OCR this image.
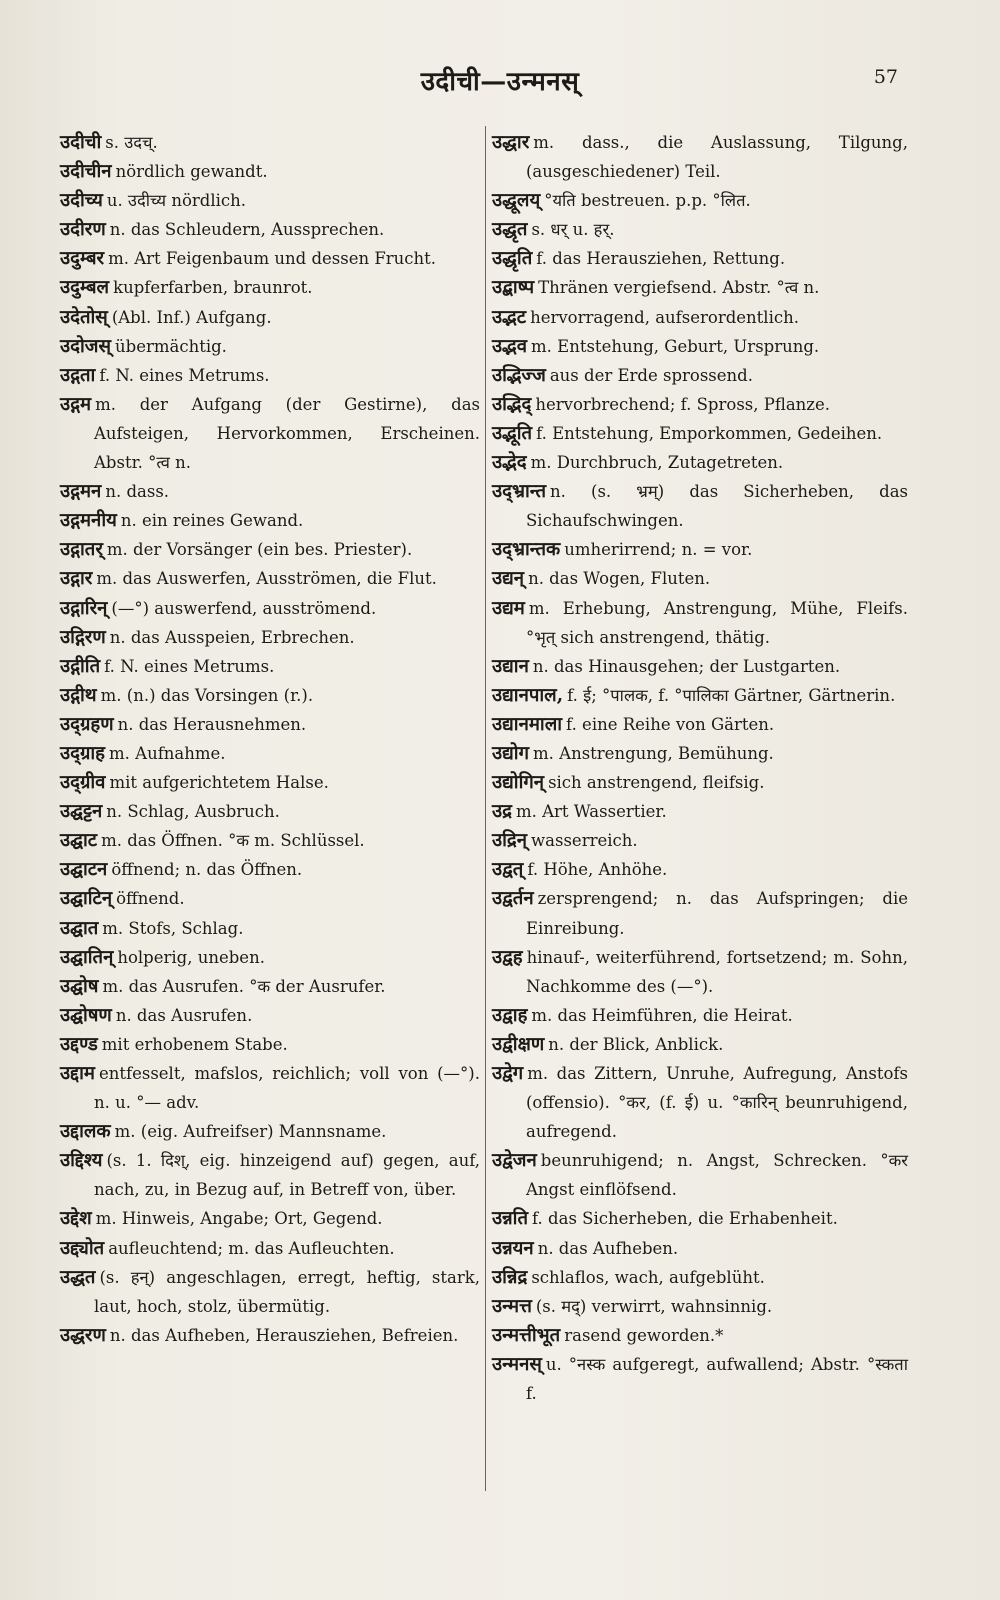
उदीची—उन्मनस्	57
उदीची s. उदच्.
उदीचीन nördlich gewandt.
उदीच्य u. उदीच्य nördlich.
उदीरण n. das Schleudern, Aussprechen.
उदुम्बर m. Art Feigenbaum und dessen Frucht.
उदुम्बल kupferfarben, braunrot.
उदेतोस् (Abl. Inf.) Aufgang.
उदोजस् übermächtig.
उद्गता f. N. eines Metrums.
उद्गम m. der Aufgang (der Gestirne), das Aufsteigen, Hervorkommen, Erscheinen. Abstr. °त्व n.
उद्गमन n. dass.
उद्गमनीय n. ein reines Gewand.
उद्गातर् m. der Vorsänger (ein bes. Priester).
उद्गार m. das Auswerfen, Ausströmen, die Flut.
उद्गारिन् (—°) auswerfend, ausströmend.
उद्गिरण n. das Ausspeien, Erbrechen.
उद्गीति f. N. eines Metrums.
उद्गीथ m. (n.) das Vorsingen (r.).
उद्ग्रहण n. das Herausnehmen.
उद्ग्राह m. Aufnahme.
उद्ग्रीव mit aufgerichtetem Halse.
उद्घट्टन n. Schlag, Ausbruch.
उद्घाट m. das Öffnen. °क m. Schlüssel.
उद्घाटन öffnend; n. das Öffnen.
उद्घाटिन् öffnend.
उद्घात m. Stofs, Schlag.
उद्घातिन् holperig, uneben.
उद्घोष m. das Ausrufen. °क der Ausrufer.
उद्घोषण n. das Ausrufen.
उद्दण्ड mit erhobenem Stabe.
उद्दाम entfesselt, mafslos, reichlich; voll von (—°). n. u. °— adv.
उद्दालक m. (eig. Aufreifser) Mannsname.
उद्दिश्य (s. 1. दिश्, eig. hinzeigend auf) gegen, auf, nach, zu, in Bezug auf, in Betreff von, über.
उद्देश m. Hinweis, Angabe; Ort, Gegend.
उद्द्योत aufleuchtend; m. das Aufleuchten.
उद्धत (s. हन्) angeschlagen, erregt, heftig, stark, laut, hoch, stolz, übermütig.
उद्धरण n. das Aufheben, Herausziehen, Befreien.
उद्धार m. dass., die Auslassung, Tilgung, (ausgeschiedener) Teil.
उद्धूलय् °यति bestreuen. p.p. °लित.
उद्धृत s. धर् u. हर्.
उद्धृति f. das Herausziehen, Rettung.
उद्बाष्प Thränen vergiefsend. Abstr. °त्व n.
उद्भट hervorragend, aufserordentlich.
उद्भव m. Entstehung, Geburt, Ursprung.
उद्भिज्ज aus der Erde sprossend.
उद्भिद् hervorbrechend; f. Spross, Pflanze.
उद्भूति f. Entstehung, Emporkommen, Gedeihen.
उद्भेद m. Durchbruch, Zutagetreten.
उद्भ्रान्त n. (s. भ्रम्) das Sicherheben, das Sichaufschwingen.
उद्भ्रान्तक umherirrend; n. = vor.
उद्यन् n. das Wogen, Fluten.
उद्यम m. Erhebung, Anstrengung, Mühe, Fleifs. °भृत् sich anstrengend, thätig.
उद्यान n. das Hinausgehen; der Lustgarten.
उद्यानपाल, f. ई; °पालक, f. °पालिका Gärtner, Gärtnerin.
उद्यानमाला f. eine Reihe von Gärten.
उद्योग m. Anstrengung, Bemühung.
उद्योगिन् sich anstrengend, fleifsig.
उद्र m. Art Wassertier.
उद्रिन् wasserreich.
उद्वत् f. Höhe, Anhöhe.
उद्वर्तन zersprengend; n. das Aufspringen; die Einreibung.
उद्वह hinauf-, weiterführend, fortsetzend; m. Sohn, Nachkomme des (—°).
उद्वाह m. das Heimführen, die Heirat.
उद्वीक्षण n. der Blick, Anblick.
उद्वेग m. das Zittern, Unruhe, Aufregung, Anstofs (offensio). °कर, (f. ई) u. °कारिन् beunruhigend, aufregend.
उद्वेजन beunruhigend; n. Angst, Schrecken. °कर Angst einflöfsend.
उन्नति f. das Sicherheben, die Erhabenheit.
उन्नयन n. das Aufheben.
उन्निद्र schlaflos, wach, aufgeblüht.
उन्मत्त (s. मद्) verwirrt, wahnsinnig.
उन्मत्तीभूत rasend geworden.*
उन्मनस् u. °नस्क aufgeregt, aufwallend; Abstr. °स्कता f.
